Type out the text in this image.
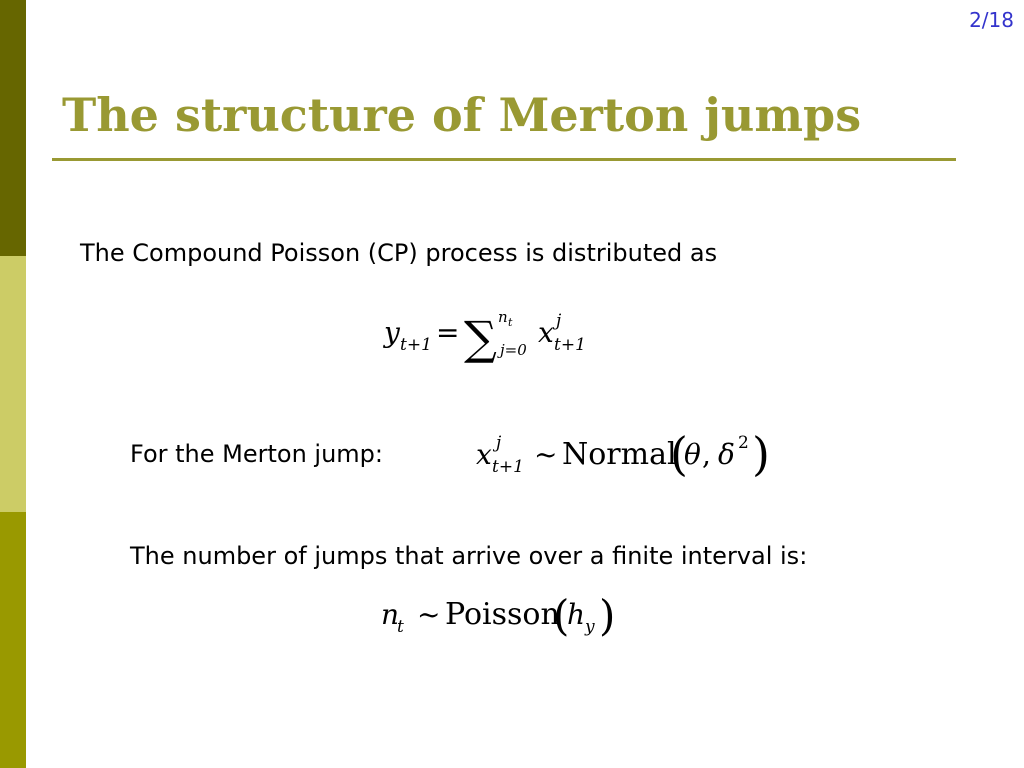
2/18
The structure of Merton jumps
The Compound Poisson (CP) process is distributed as
y t+1 = ∑ n t
j=0
x j
t+1
For the Merton jump:	x j
t+1 ~ Normal
(
θ , δ 2 )
The number of jumps that arrive over a finite interval is:
n
t ~ Poisson
(
h y )
